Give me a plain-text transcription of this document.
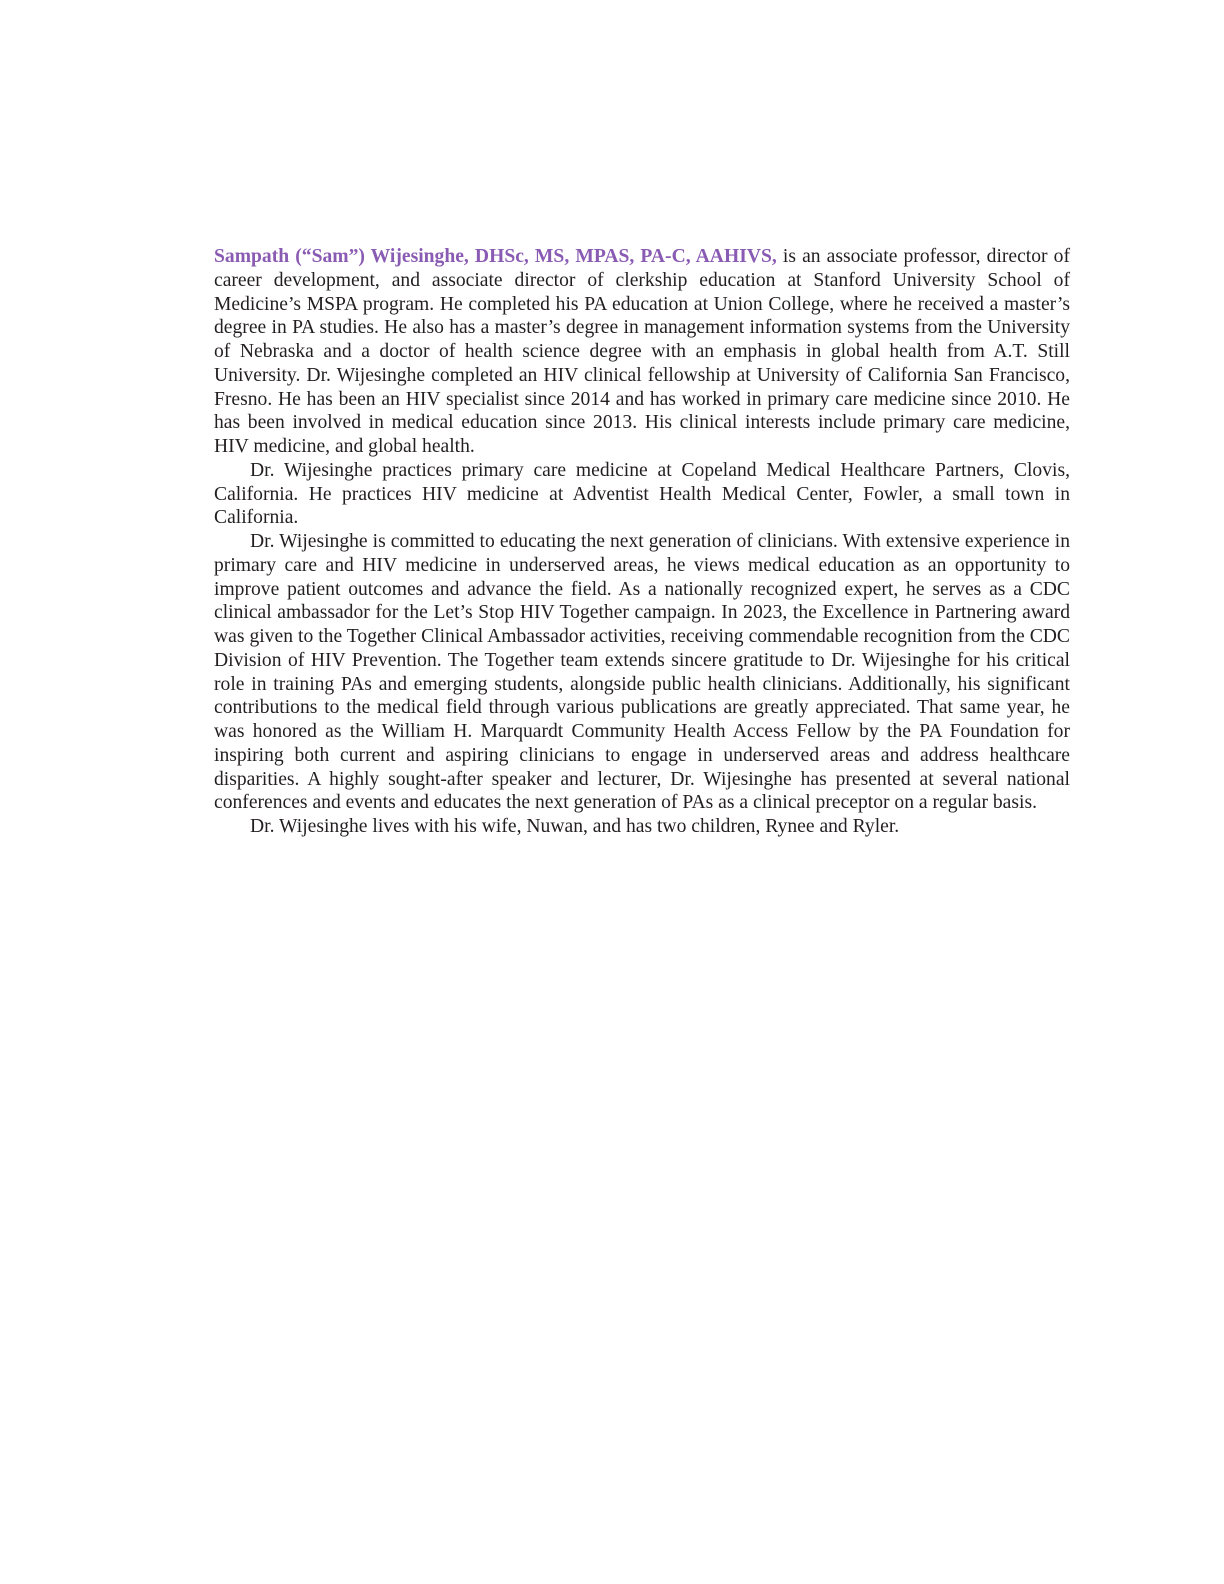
Sampath (“Sam”) Wijesinghe, DHSc, MS, MPAS, PA-C, AAHIVS, is an associate professor, director of career development, and associate director of clerkship education at Stanford University School of Medicine’s MSPA program. He completed his PA education at Union College, where he received a master’s degree in PA studies. He also has a master’s degree in management information systems from the University of Nebraska and a doctor of health science degree with an emphasis in global health from A.T. Still University. Dr. Wijesinghe completed an HIV clinical fellowship at University of California San Francisco, Fresno. He has been an HIV specialist since 2014 and has worked in primary care medicine since 2010. He has been involved in medical education since 2013. His clinical interests include primary care medicine, HIV medicine, and global health.

Dr. Wijesinghe practices primary care medicine at Copeland Medical Healthcare Partners, Clovis, California. He practices HIV medicine at Adventist Health Medical Center, Fowler, a small town in California.

Dr. Wijesinghe is committed to educating the next generation of clinicians. With extensive experience in primary care and HIV medicine in underserved areas, he views medical education as an opportunity to improve patient outcomes and advance the field. As a nationally recognized expert, he serves as a CDC clinical ambassador for the Let’s Stop HIV Together campaign. In 2023, the Excellence in Partnering award was given to the Together Clinical Ambassador activities, receiving commendable recognition from the CDC Division of HIV Prevention. The Together team extends sincere gratitude to Dr. Wijesinghe for his critical role in training PAs and emerging students, alongside public health clinicians. Additionally, his significant contributions to the medical field through various publications are greatly appreciated. That same year, he was honored as the William H. Marquardt Community Health Access Fellow by the PA Foundation for inspiring both current and aspiring clinicians to engage in underserved areas and address healthcare disparities. A highly sought-after speaker and lecturer, Dr. Wijesinghe has presented at several national conferences and events and educates the next generation of PAs as a clinical preceptor on a regular basis.

Dr. Wijesinghe lives with his wife, Nuwan, and has two children, Rynee and Ryler.
